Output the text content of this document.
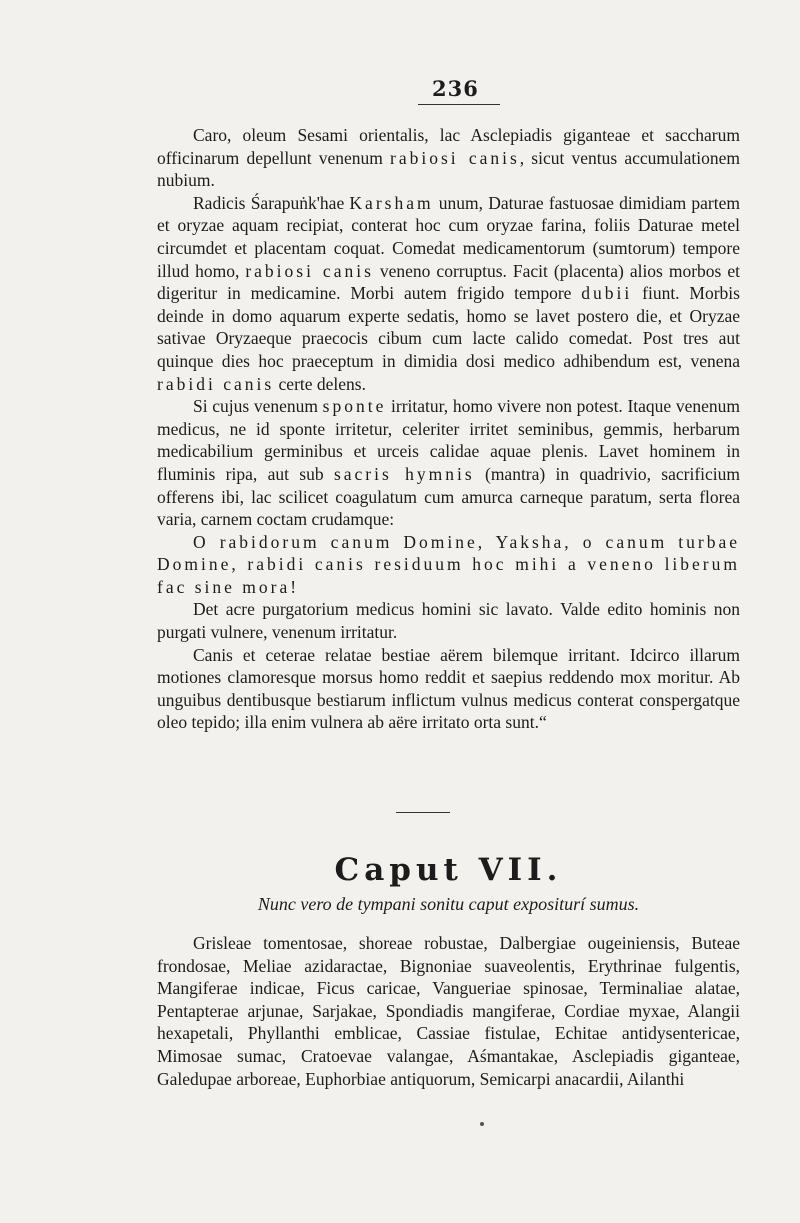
236

Caro, oleum Sesami orientalis, lac Asclepiadis giganteae et saccharum officinarum depellunt venenum rabiosi canis, sicut ventus accumulationem nubium.

Radicis Śarapuṅk'hae Karsham unum, Daturae fastuosae dimidiam partem et oryzae aquam recipiat, conterat hoc cum oryzae farina, foliis Daturae metel circumdet et placentam coquat. Comedat medicamentorum (sumtorum) tempore illud homo, rabiosi canis veneno corruptus. Facit (placenta) alios morbos et digeritur in medicamine. Morbi autem frigido tempore dubii fiunt. Morbis deinde in domo aquarum experte sedatis, homo se lavet postero die, et Oryzae sativae Oryzaeque praecocis cibum cum lacte calido comedat. Post tres aut quinque dies hoc praeceptum in dimidia dosi medico adhibendum est, venena rabidi canis certe delens.

Si cujus venenum sponte irritatur, homo vivere non potest. Itaque venenum medicus, ne id sponte irritetur, celeriter irritet seminibus, gemmis, herbarum medicabilium germinibus et urceis calidae aquae plenis. Lavet hominem in fluminis ripa, aut sub sacris hymnis (mantra) in quadrivio, sacrificium offerens ibi, lac scilicet coagulatum cum amurca carneque paratum, serta florea varia, carnem coctam crudamque:

O rabidorum canum Domine, Yaksha, o canum turbae Domine, rabidi canis residuum hoc mihi a veneno liberum fac sine mora!

Det acre purgatorium medicus homini sic lavato. Valde edito hominis non purgati vulnere, venenum irritatur.

Canis et ceterae relatae bestiae aërem bilemque irritant. Idcirco illarum motiones clamoresque morsus homo reddit et saepius reddendo mox moritur. Ab unguibus dentibusque bestiarum inflictum vulnus medicus conterat conspergatque oleo tepido; illa enim vulnera ab aëre irritato orta sunt.“

Caput VII.
Nunc vero de tympani sonitu caput expositurí sumus.

Grisleae tomentosae, shoreae robustae, Dalbergiae ougeiniensis, Buteae frondosae, Meliae azidaractae, Bignoniae suaveolentis, Erythrinae fulgentis, Mangiferae indicae, Ficus caricae, Vangueriae spinosae, Terminaliae alatae, Pentapterae arjunae, Sarjakae, Spondiadis mangiferae, Cordiae myxae, Alangii hexapetali, Phyllanthi emblicae, Cassiae fistulae, Echitae antidysentericae, Mimosae sumac, Cratoevae valangae, Aśmantakae, Asclepiadis giganteae, Galedupae arboreae, Euphorbiae antiquorum, Semicarpi anacardii, Ailanthi
